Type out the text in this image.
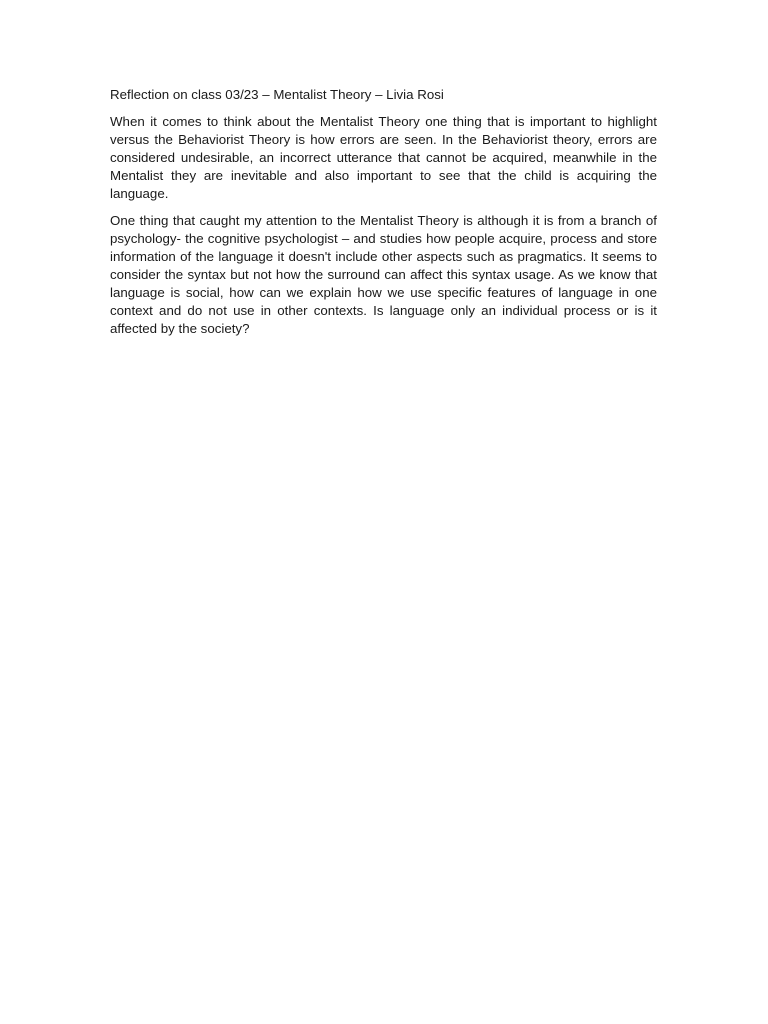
Reflection on class 03/23 – Mentalist Theory – Livia Rosi

When it comes to think about the Mentalist Theory one thing that is important to highlight versus the Behaviorist Theory is how errors are seen. In the Behaviorist theory, errors are considered undesirable, an incorrect utterance that cannot be acquired, meanwhile in the Mentalist they are inevitable and also important to see that the child is acquiring the language.

One thing that caught my attention to the Mentalist Theory is although it is from a branch of psychology- the cognitive psychologist – and studies how people acquire, process and store information of the language it doesn't include other aspects such as pragmatics. It seems to consider the syntax but not how the surround can affect this syntax usage. As we know that language is social, how can we explain how we use specific features of language in one context and do not use in other contexts. Is language only an individual process or is it affected by the society?
